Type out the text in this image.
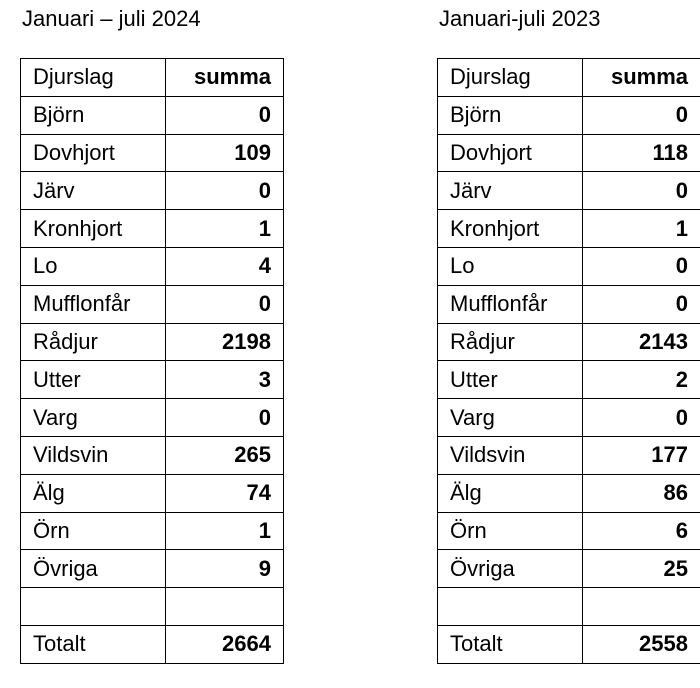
Januari – juli 2024
Djurslag	summa
Björn	0
Dovhjort	109
Järv	0
Kronhjort	1
Lo	4
Mufflonfår	0
Rådjur	2198
Utter	3
Varg	0
Vildsvin	265
Älg	74
Örn	1
Övriga	9

Totalt	2664
Januari-juli 2023
Djurslag	summa
Björn	0
Dovhjort	118
Järv	0
Kronhjort	1
Lo	0
Mufflonfår	0
Rådjur	2143
Utter	2
Varg	0
Vildsvin	177
Älg	86
Örn	6
Övriga	25

Totalt	2558
